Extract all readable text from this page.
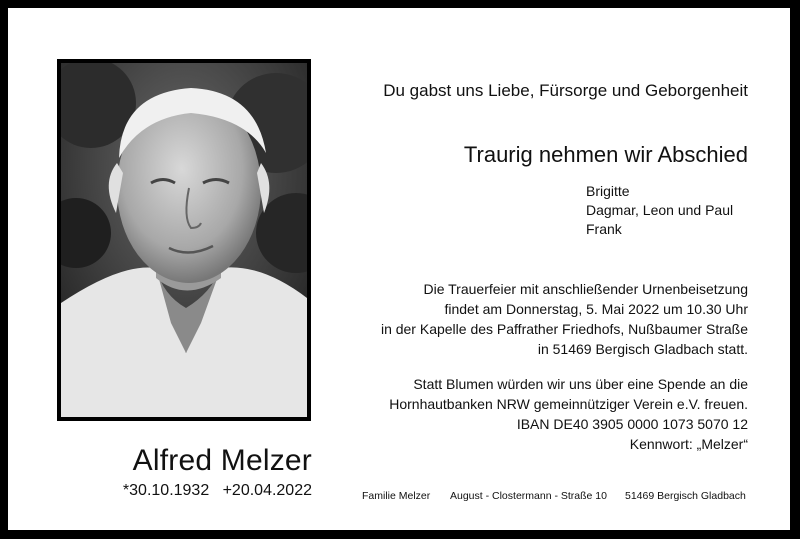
Alfred Melzer
*30.10.1932 +20.04.2022
Du gabst uns Liebe, Fürsorge und Geborgenheit
Traurig nehmen wir Abschied
Brigitte
Dagmar, Leon und Paul
Frank
Die Trauerfeier mit anschließender Urnenbeisetzung
findet am Donnerstag, 5. Mai 2022 um 10.30 Uhr
in der Kapelle des Paffrather Friedhofs, Nußbaumer Straße
in 51469 Bergisch Gladbach statt.
Statt Blumen würden wir uns über eine Spende an die
Hornhautbanken NRW gemeinnütziger Verein e.V. freuen.
IBAN DE40 3905 0000 1073 5070 12
Kennwort: „Melzer“
Familie Melzer August - Clostermann - Straße 10 51469 Bergisch Gladbach
